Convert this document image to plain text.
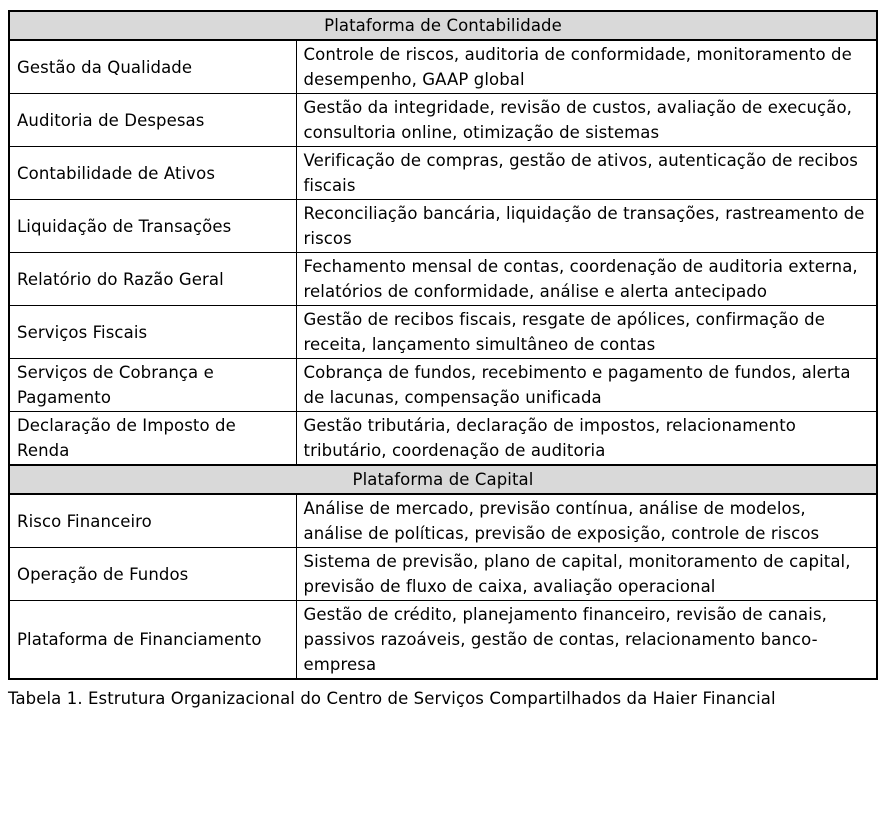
Plataforma de Contabilidade	
Gestão da Qualidade	Controle de riscos, auditoria de conformidade, monitoramento de desempenho, GAAP global
Auditoria de Despesas	Gestão da integridade, revisão de custos, avaliação de execução, consultoria online, otimização de sistemas
Contabilidade de Ativos	Verificação de compras, gestão de ativos, autenticação de recibos fiscais
Liquidação de Transações	Reconciliação bancária, liquidação de transações, rastreamento de riscos
Relatório do Razão Geral	Fechamento mensal de contas, coordenação de auditoria externa, relatórios de conformidade, análise e alerta antecipado
Serviços Fiscais	Gestão de recibos fiscais, resgate de apólices, confirmação de receita, lançamento simultâneo de contas
Serviços de Cobrança e Pagamento	Cobrança de fundos, recebimento e pagamento de fundos, alerta de lacunas, compensação unificada
Declaração de Imposto de Renda	Gestão tributária, declaração de impostos, relacionamento tributário, coordenação de auditoria
Plataforma de Capital	
Risco Financeiro	Análise de mercado, previsão contínua, análise de modelos, análise de políticas, previsão de exposição, controle de riscos
Operação de Fundos	Sistema de previsão, plano de capital, monitoramento de capital, previsão de fluxo de caixa, avaliação operacional
Plataforma de Financiamento	Gestão de crédito, planejamento financeiro, revisão de canais, passivos razoáveis, gestão de contas, relacionamento banco-empresa
Tabela 1. Estrutura Organizacional do Centro de Serviços Compartilhados da Haier Financial
